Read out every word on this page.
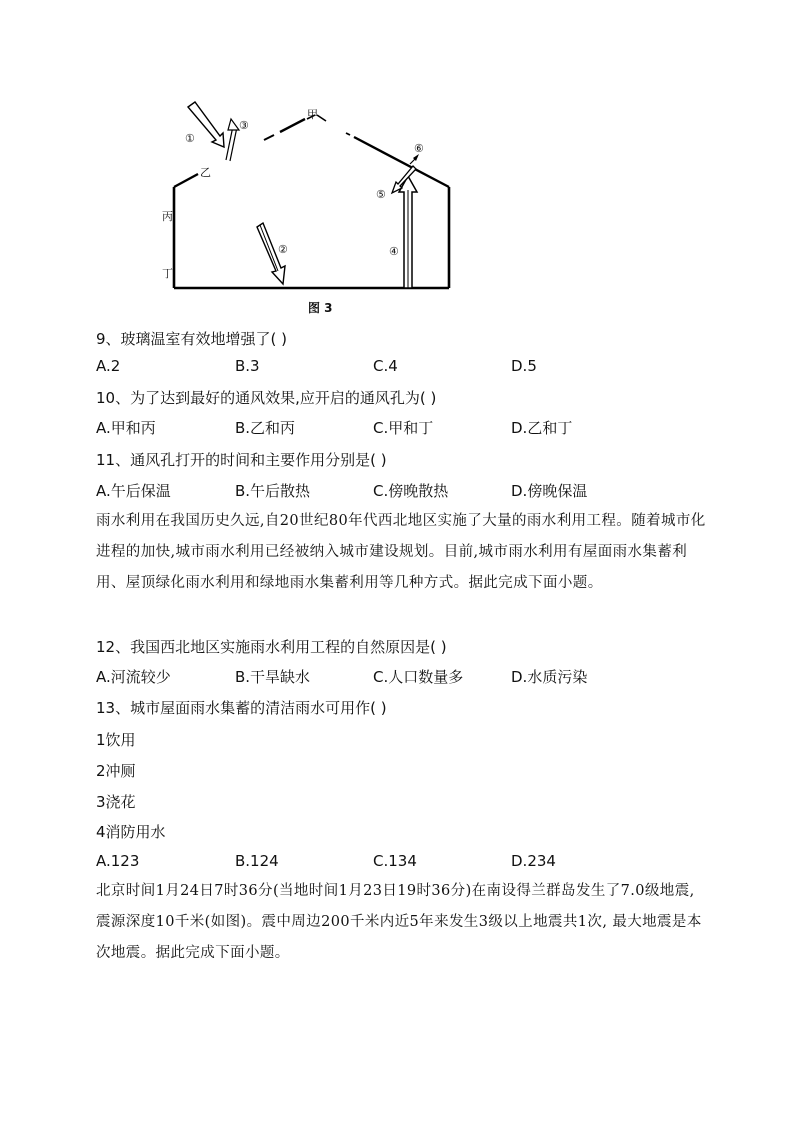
甲
乙
丙
丁
①
③
②	④
⑤
⑥
图 3
9、玻璃温室有效地增强了( )
A.2	B.3	C.4	D.5
10、为了达到最好的通风效果,应开启的通风孔为( )
A.甲和丙	B.乙和丙	C.甲和丁	D.乙和丁
11、通风孔打开的时间和主要作用分别是( )
A.午后保温	B.午后散热	C.傍晚散热	D.傍晚保温
雨水利用在我国历史久远,自20世纪80年代西北地区实施了大量的雨水利用工程。随着城市化进程的加快,城市雨水利用已经被纳入城市建设规划。目前,城市雨水利用有屋面雨水集蓄利用、屋顶绿化雨水利用和绿地雨水集蓄利用等几种方式。据此完成下面小题。
12、我国西北地区实施雨水利用工程的自然原因是( )
A.河流较少	B.干旱缺水	C.人口数量多	D.水质污染
13、城市屋面雨水集蓄的清洁雨水可用作( )
1饮用
2冲厕
3浇花
4消防用水
A.123	B.124	C.134	D.234
北京时间1月24日7时36分(当地时间1月23日19时36分)在南设得兰群岛发生了7.0级地震,震源深度10千米(如图)。震中周边200千米内近5年来发生3级以上地震共1次, 最大地震是本次地震。据此完成下面小题。
